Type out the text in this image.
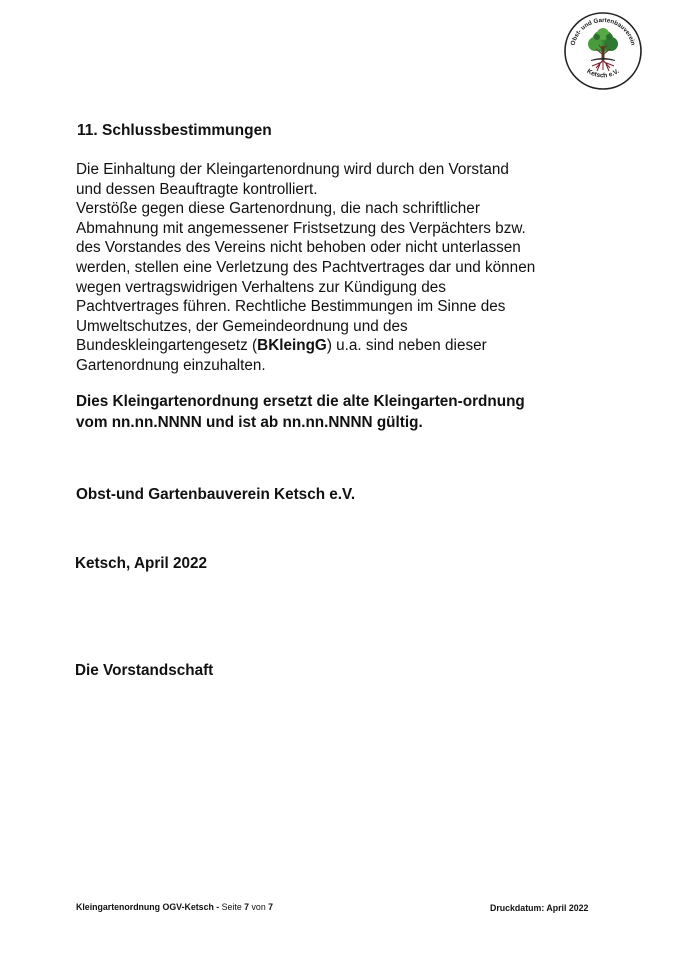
Obst- und Gartenbauverein
Ketsch e.V.
11. Schlussbestimmungen

Die Einhaltung der Kleingartenordnung wird durch den Vorstand
und dessen Beauftragte kontrolliert.
Verstöße gegen diese Gartenordnung, die nach schriftlicher
Abmahnung mit angemessener Fristsetzung des Verpächters bzw.
des Vorstandes des Vereins nicht behoben oder nicht unterlassen
werden, stellen eine Verletzung des Pachtvertrages dar und können
wegen vertragswidrigen Verhaltens zur Kündigung des
Pachtvertrages führen. Rechtliche Bestimmungen im Sinne des
Umweltschutzes, der Gemeindeordnung und des
Bundeskleingartengesetz (BKleingG) u.a. sind neben dieser
Gartenordnung einzuhalten.

Dies Kleingartenordnung ersetzt die alte Kleingarten-ordnung
vom nn.nn.NNNN und ist ab nn.nn.NNNN gültig.

Obst-und Gartenbauverein Ketsch e.V.

Ketsch, April 2022

Die Vorstandschaft

Kleingartenordnung OGV-Ketsch - Seite 7 von 7	Druckdatum: April 2022
